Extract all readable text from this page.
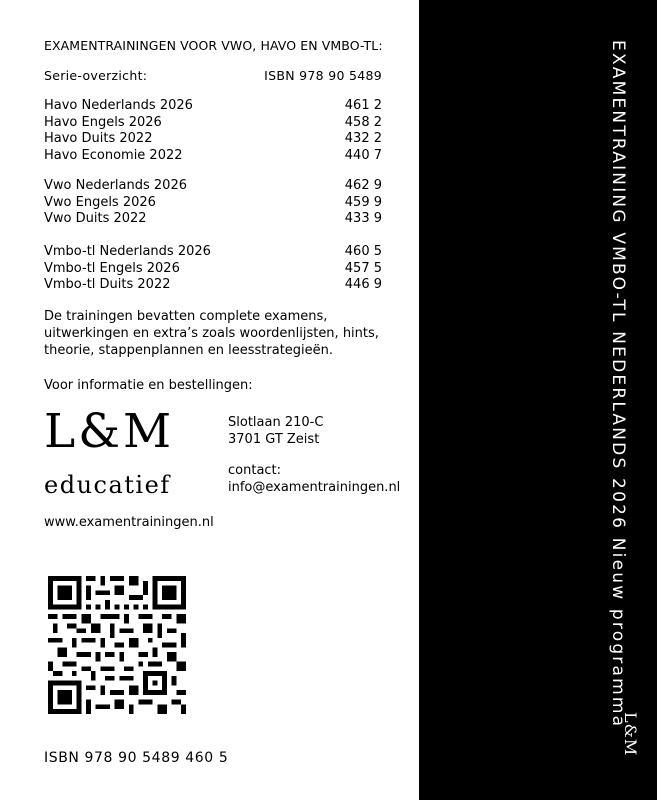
EXAMENTRAININGEN VOOR VWO, HAVO EN VMBO-TL:
Serie-overzicht:	ISBN 978 90 5489
Havo Nederlands 2026	461 2
Havo Engels 2026	458 2
Havo Duits 2022	432 2
Havo Economie 2022	440 7
Vwo Nederlands 2026	462 9
Vwo Engels 2026	459 9
Vwo Duits 2022	433 9
Vmbo-tl Nederlands 2026	460 5
Vmbo-tl Engels 2026	457 5
Vmbo-tl Duits 2022	446 9
De trainingen bevatten complete examens,
uitwerkingen en extra’s zoals woordenlijsten, hints,
theorie, stappenplannen en leesstrategieën.
Voor informatie en bestellingen:
L&M
educatief
Slotlaan 210-C
3701 GT Zeist
contact:
info@examentrainingen.nl
www.examentrainingen.nl
ISBN 978 90 5489 460 5
EXAMENTRAINING VMBO-TL NEDERLANDS 2026 Nieuw programma
L&M
